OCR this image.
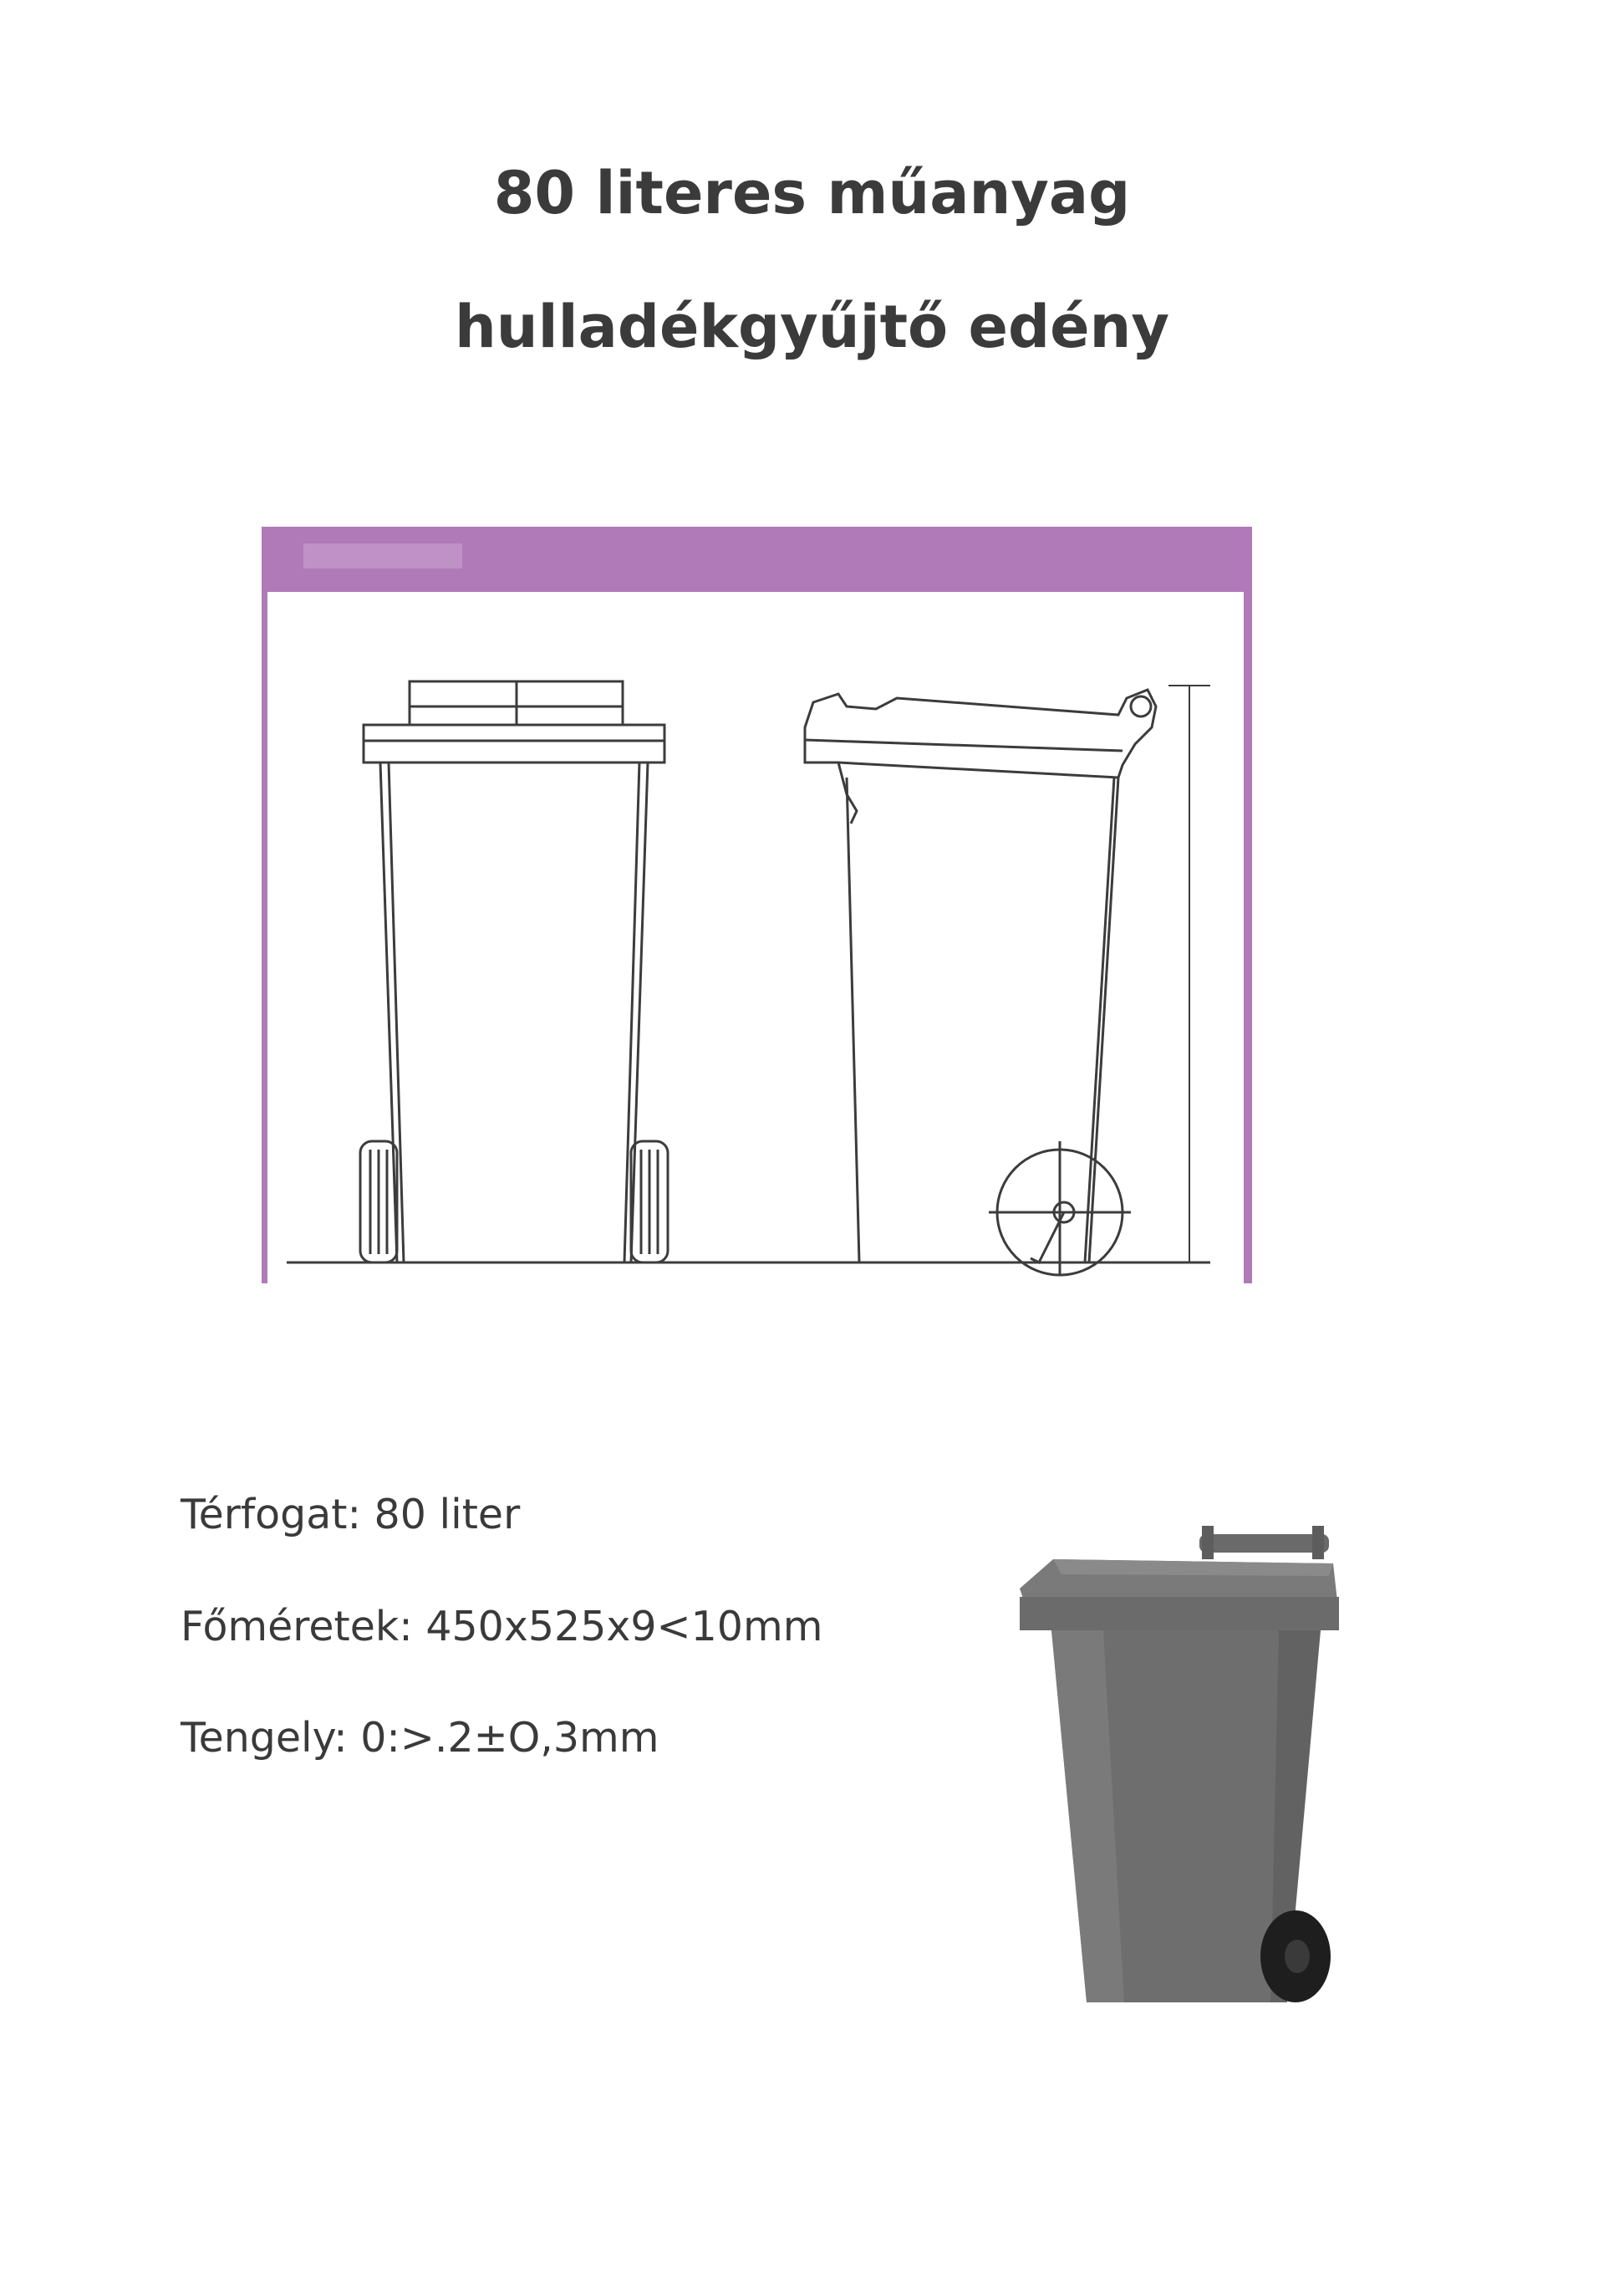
80 literes műanyag
hulladékgyűjtő edény
Térfogat: 80 liter
Főméretek: 450x525x9<10mm
Tengely: 0:>.2±O,3mm
